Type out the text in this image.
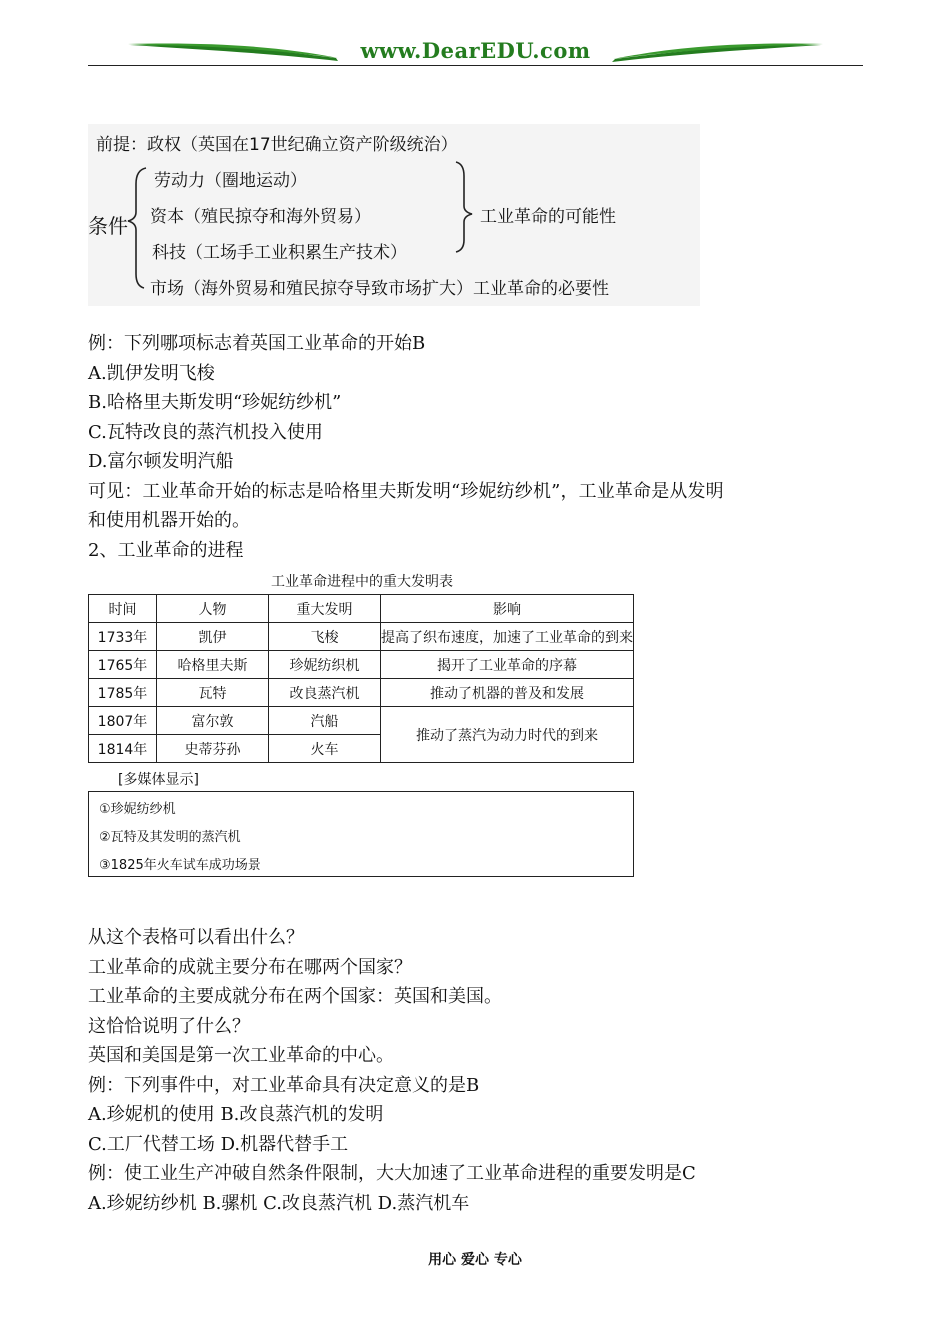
www.DearEDU.com
前提：政权（英国在17世纪确立资产阶级统治）
条件
劳动力（圈地运动）
资本（殖民掠夺和海外贸易）
科技（工场手工业积累生产技术）
市场（海外贸易和殖民掠夺导致市场扩大）工业革命的必要性
工业革命的可能性
例：下列哪项标志着英国工业革命的开始B
A.凯伊发明飞梭
B.哈格里夫斯发明“珍妮纺纱机”
C.瓦特改良的蒸汽机投入使用
D.富尔顿发明汽船
可见：工业革命开始的标志是哈格里夫斯发明“珍妮纺纱机”，工业革命是从发明
和使用机器开始的。
2、工业革命的进程
工业革命进程中的重大发明表
时间	人物	重大发明	影响
1733年	凯伊	飞梭	提高了织布速度，加速了工业革命的到来
1765年	哈格里夫斯	珍妮纺织机	揭开了工业革命的序幕
1785年	瓦特	改良蒸汽机	推动了机器的普及和发展
1807年	富尔敦	汽船	推动了蒸汽为动力时代的到来
1814年	史蒂芬孙	火车	
[多媒体显示]
①珍妮纺纱机
②瓦特及其发明的蒸汽机
③1825年火车试车成功场景
从这个表格可以看出什么？
工业革命的成就主要分布在哪两个国家？
工业革命的主要成就分布在两个国家：英国和美国。
这恰恰说明了什么？
英国和美国是第一次工业革命的中心。
例：下列事件中，对工业革命具有决定意义的是B
A.珍妮机的使用 B.改良蒸汽机的发明
C.工厂代替工场 D.机器代替手工
例：使工业生产冲破自然条件限制，大大加速了工业革命进程的重要发明是C
A.珍妮纺纱机 B.骡机 C.改良蒸汽机 D.蒸汽机车
用心 爱心 专心
